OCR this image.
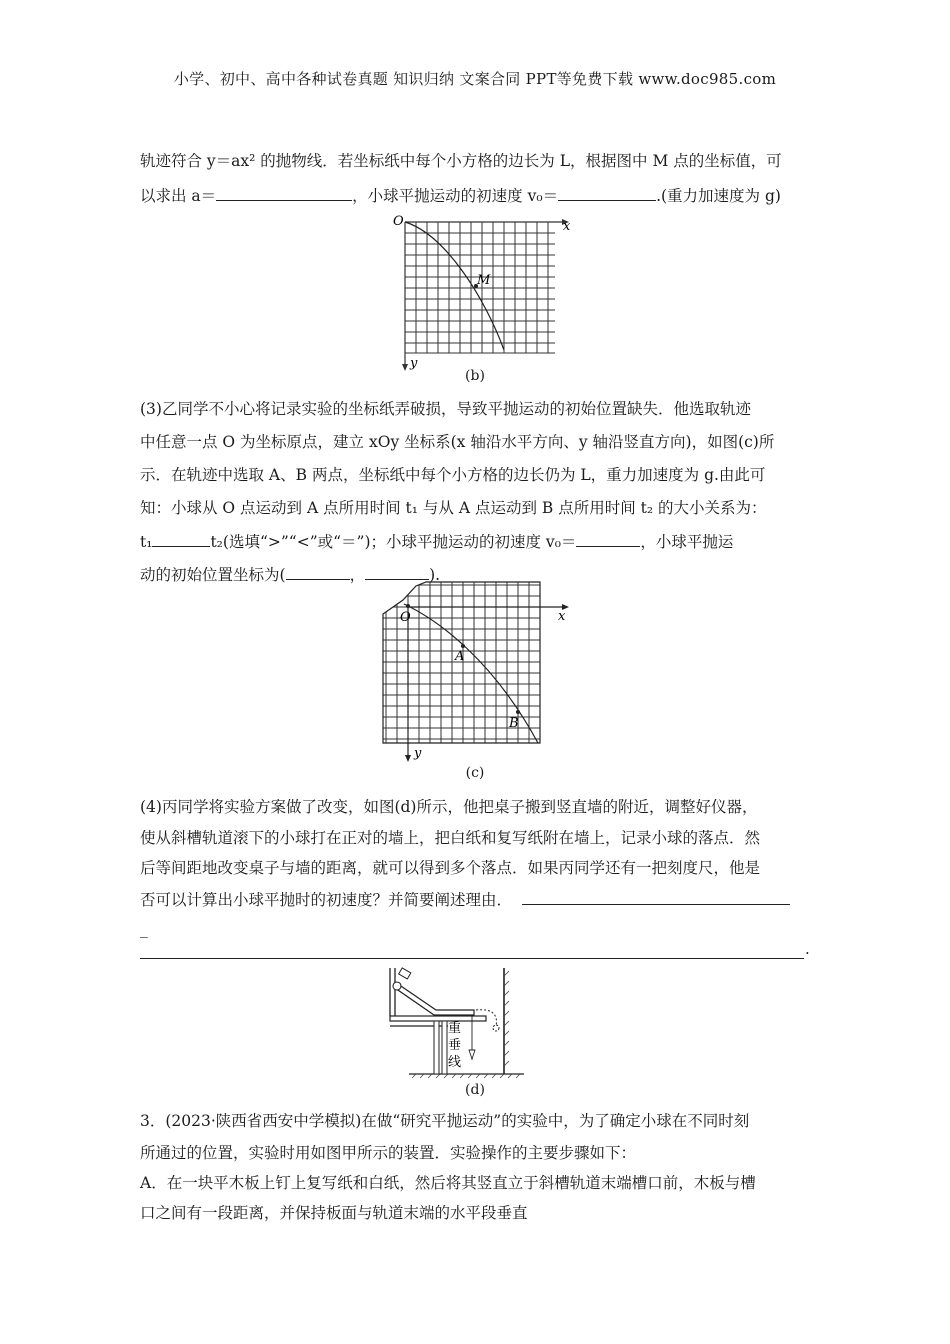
小学、初中、高中各种试卷真题 知识归纳 文案合同 PPT等免费下载 www.doc985.com
轨迹符合 y＝ax² 的抛物线．若坐标纸中每个小方格的边长为 L，根据图中 M 点的坐标值，可
以求出 a＝	，小球平抛运动的初速度 v₀＝	.(重力加速度为 g)
O	x
y
M
(b)
(3)乙同学不小心将记录实验的坐标纸弄破损，导致平抛运动的初始位置缺失．他选取轨迹
中任意一点 O 为坐标原点，建立 xOy 坐标系(x 轴沿水平方向、y 轴沿竖直方向)，如图(c)所
示．在轨迹中选取 A、B 两点，坐标纸中每个小方格的边长仍为 L，重力加速度为 g.由此可
知：小球从 O 点运动到 A 点所用时间 t₁ 与从 A 点运动到 B 点所用时间 t₂ 的大小关系为：
t₁	t₂(选填“>”“<”或“＝”)；小球平抛运动的初速度 v₀＝	，小球平抛运
动的初始位置坐标为(	，	).
O	x
y
A
B
(c)
(4)丙同学将实验方案做了改变，如图(d)所示，他把桌子搬到竖直墙的附近，调整好仪器，
使从斜槽轨道滚下的小球打在正对的墙上，把白纸和复写纸附在墙上，记录小球的落点．然
后等间距地改变桌子与墙的距离，就可以得到多个落点．如果丙同学还有一把刻度尺，他是
否可以计算出小球平抛时的初速度？并简要阐述理由．
_
.
重
垂
线
(d)
3．(2023·陕西省西安中学模拟)在做“研究平抛运动”的实验中，为了确定小球在不同时刻
所通过的位置，实验时用如图甲所示的装置．实验操作的主要步骤如下：
A．在一块平木板上钉上复写纸和白纸，然后将其竖直立于斜槽轨道末端槽口前，木板与槽
口之间有一段距离，并保持板面与轨道末端的水平段垂直
